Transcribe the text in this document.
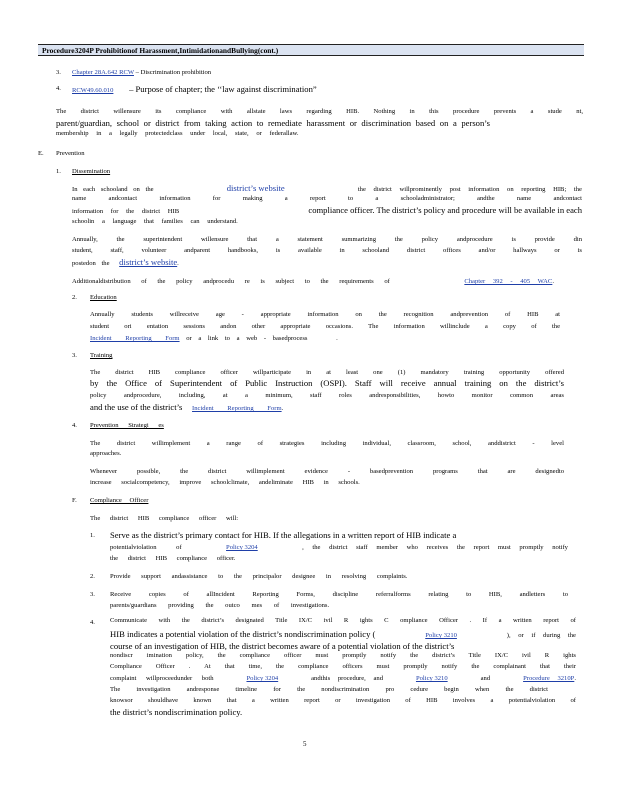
Procedure 3204 P Prohibition of Harassment, Intimidationand Bullying (cont.)
3. Chapter 28A.642 RCW – Discrimination prohibition
4. RCW49.60.010 – Purpose of chapter; the ‘‘law against discrimination”
The district willensure its compliance with allstate laws regarding HIB. Nothing in this procedure prevents a stude nt,
parent/guardian, school or district from taking action to remediate harassment or discrimination based on a person’s
membership in a legally protectedclass under local, state, or federallaw.
E. Prevention
1. Dissemination
In each schooland on the	district’s website	the district willprominently post information on reporting HIB; the
name andcontact information for making a report to a schooladministrator; andthe name andcontact
information for the district HIB	compliance officer. The district’s policy and procedure will be available in each
schoolin a language that families can understand.
Annually, the superintendent willensure that a statement summarizing the policy andprocedure is provide din
student, staff, volunteer andparent handbooks, is available in schooland district offices and/or hallways or is
postedon the district’s website.
Additionaldistribution of the policy andprocedu re is subject to the requirements of	Chapter 392 - 405 WAC.
2. Education
Annually students willreceive age - appropriate information on the recognition andprevention of HIB at
student ori entation sessions andon other appropriate occasions. The information willinclude a copy of the
Incident Reporting Form or a link to a web - basedprocess	.
3. Training
The district HIB compliance officer willparticipate in at least one (1) mandatory training opportunity offered
by the Office of Superintendent of Public Instruction (OSPI). Staff will receive annual training on the district’s
policy andprocedure, including, at a minimum, staff roles andresponsibilities, howto monitor common areas
and the use of the district’s Incident Reporting Form.
4. Prevention Strategi es
The district willimplement a range of strategies including individual, classroom, school, anddistrict - level
approaches.
Whenever possible, the district willimplement evidence - basedprevention programs that are designedto
increase socialcompetency, improve schoolclimate, andeliminate HIB in schools.
F. Compliance Officer
The district HIB compliance officer will:
1. Serve as the district’s primary contact for HIB. If the allegations in a written report of HIB indicate a
potentialviolation of	Policy 3204	, the district staff member who receives the report must promptly notify
the district HIB compliance officer.
2. Provide support andassistance to the principalor designee in resolving complaints.
3. Receive copies of allIncident Reporting Forms, discipline referralforms relating to HIB, andletters to
parents/guardians providing the outco mes of investigations.
4. Communicate with the district’s designated Title IX/C ivil R ights C ompliance Officer . If a written report of
HIB indicates a potential violation of the district’s nondiscrimination policy (	Policy 3210	), or if during the
course of an investigation of HIB, the district becomes aware of a potential violation of the district’s
nondiscr imination policy, the compliance officer must promptly notify the district’s Title IX/C ivil R ights
Compliance Officer . At that time, the compliance officers must promptly notify the complainant that their
complaint willproceedunder both	Policy 3204	andthis procedure, and	Policy 3210	and	Procedure 3210P.
The investigation andresponse timeline for the nondiscrimination pro cedure begin when the district
knowsor shouldhave known that a written report or investigation of HIB involves a potentialviolation of
the district’s nondiscrimination policy.
5
